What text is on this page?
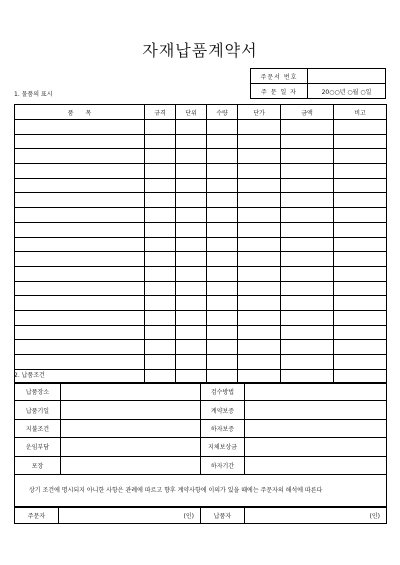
자재납품계약서
주문서 번호	
주 문 일 자	20○○년 ○월 ○일
1. 물품의 표시
품　　목	규격	단위	수량	단가	금액	비고

2. 납품조건
납품장소		검수방법	
납품기일		계약보증	
지불조건		하자보증	
운임부담		지체보상금	
포장		하자기간	
상기 조건에 명시되지 아니한 사항은 관례에 따르고 향후 계약사항에 이의가 있을 때에는 주문자의 해석에 따른다			
주문자	(인)	납품자	(인)
